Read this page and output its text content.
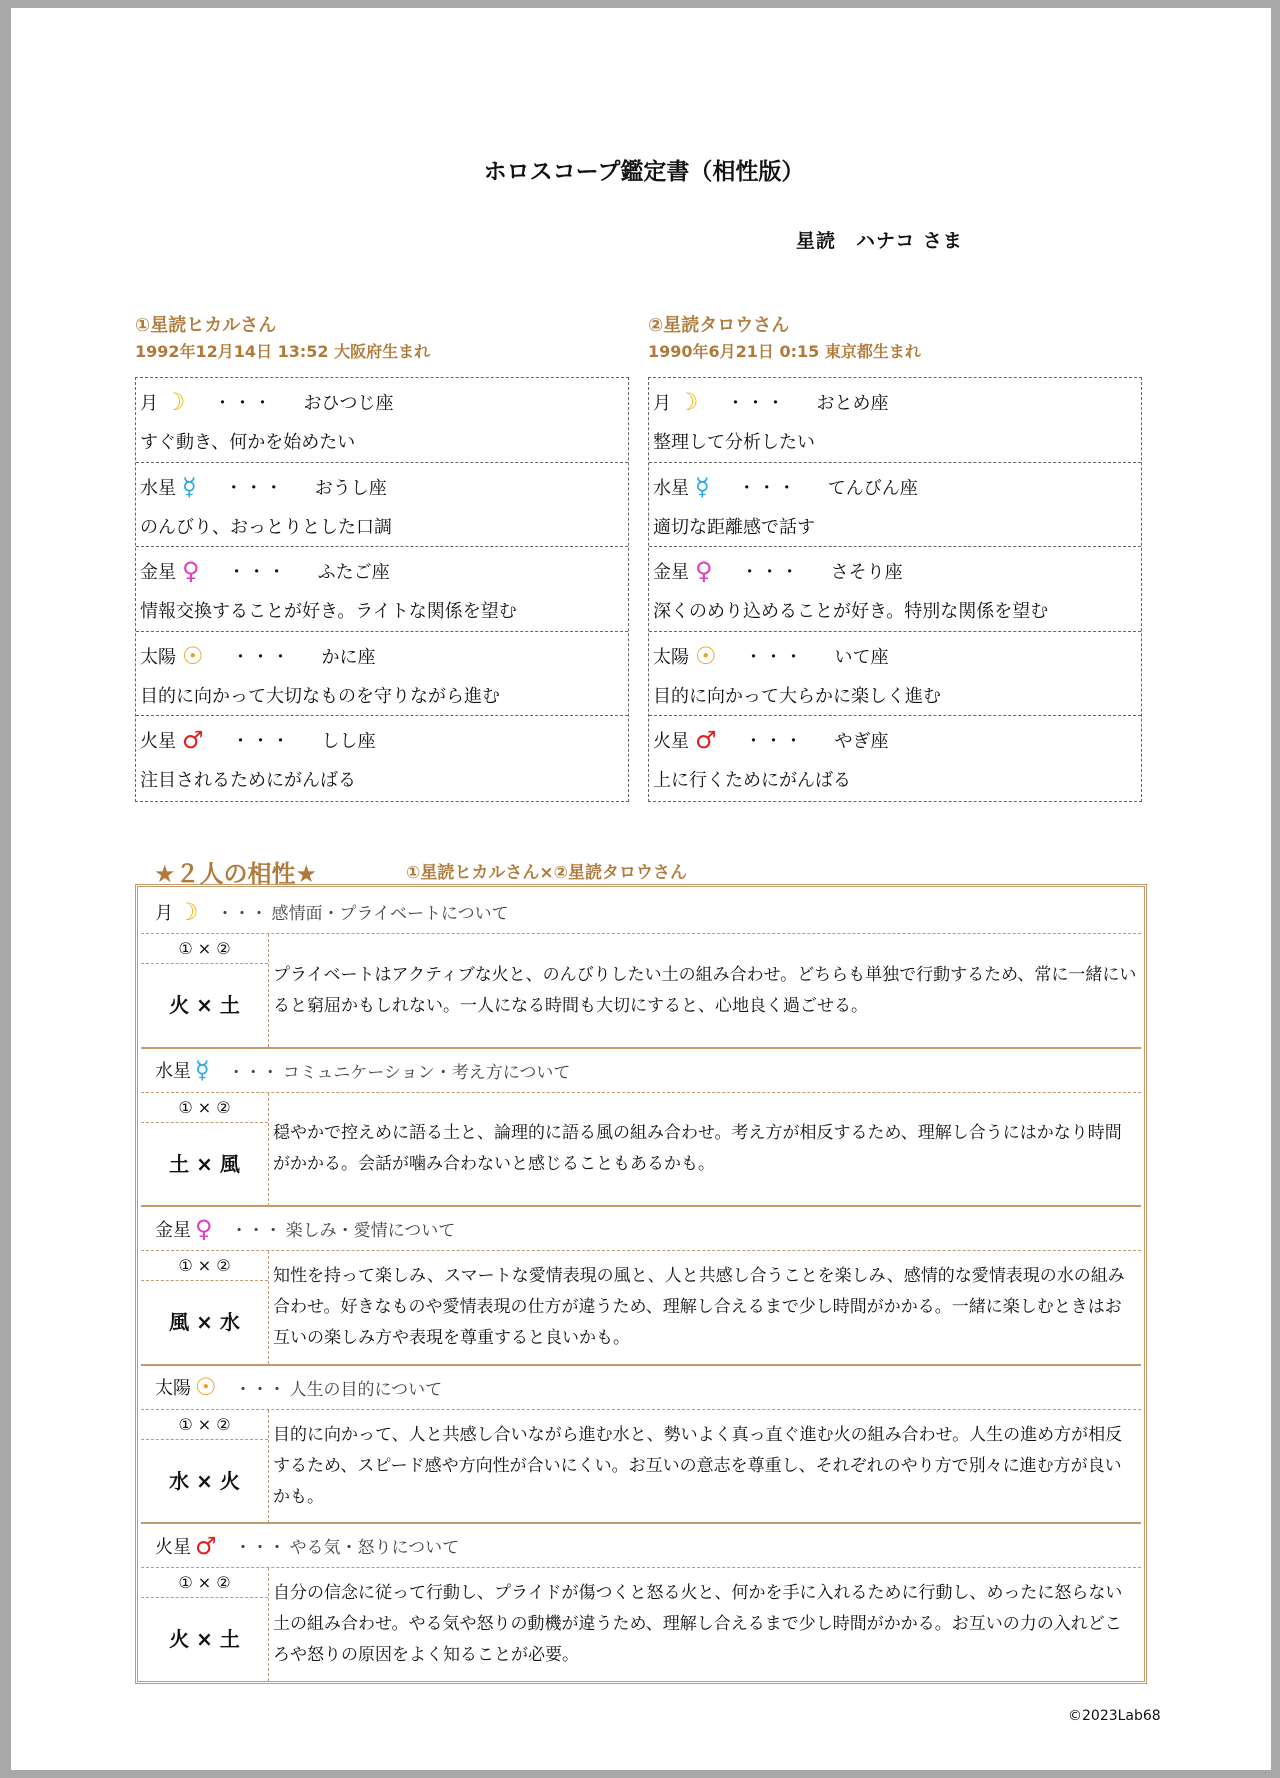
ホロスコープ鑑定書（相性版）
星読　ハナコ さま
①星読ヒカルさん
1992年12月14日 13:52 大阪府生まれ
月 ☽ ・・・ おひつじ座
すぐ動き、何かを始めたい
水星 ☿ ・・・ おうし座
のんびり、おっとりとした口調
金星 ♀ ・・・ ふたご座
情報交換することが好き。ライトな関係を望む
太陽 ☉ ・・・ かに座
目的に向かって大切なものを守りながら進む
火星 ♂ ・・・ しし座
注目されるためにがんばる
②星読タロウさん
1990年6月21日 0:15 東京都生まれ
月 ☽ ・・・ おとめ座
整理して分析したい
水星 ☿ ・・・ てんびん座
適切な距離感で話す
金星 ♀ ・・・ さそり座
深くのめり込めることが好き。特別な関係を望む
太陽 ☉ ・・・ いて座
目的に向かって大らかに楽しく進む
火星 ♂ ・・・ やぎ座
上に行くためにがんばる
★２人の相性★	①星読ヒカルさん×②星読タロウさん
月 ☽ ・・・ 感情面・プライベートについて
① × ②
火 × 土
プライベートはアクティブな火と、のんびりしたい土の組み合わせ。どちらも単独で行動するため、常に一緒にいると窮屈かもしれない。一人になる時間も大切にすると、心地良く過ごせる。
水星 ☿ ・・・ コミュニケーション・考え方について
① × ②
土 × 風
穏やかで控えめに語る土と、論理的に語る風の組み合わせ。考え方が相反するため、理解し合うにはかなり時間がかかる。会話が噛み合わないと感じることもあるかも。
金星 ♀ ・・・ 楽しみ・愛情について
① × ②
風 × 水
知性を持って楽しみ、スマートな愛情表現の風と、人と共感し合うことを楽しみ、感情的な愛情表現の水の組み合わせ。好きなものや愛情表現の仕方が違うため、理解し合えるまで少し時間がかかる。一緒に楽しむときはお互いの楽しみ方や表現を尊重すると良いかも。
太陽 ☉ ・・・ 人生の目的について
① × ②
水 × 火
目的に向かって、人と共感し合いながら進む水と、勢いよく真っ直ぐ進む火の組み合わせ。人生の進め方が相反するため、スピード感や方向性が合いにくい。お互いの意志を尊重し、それぞれのやり方で別々に進む方が良いかも。
火星 ♂ ・・・ やる気・怒りについて
① × ②
火 × 土
自分の信念に従って行動し、プライドが傷つくと怒る火と、何かを手に入れるために行動し、めったに怒らない土の組み合わせ。やる気や怒りの動機が違うため、理解し合えるまで少し時間がかかる。お互いの力の入れどころや怒りの原因をよく知ることが必要。
©2023Lab68
